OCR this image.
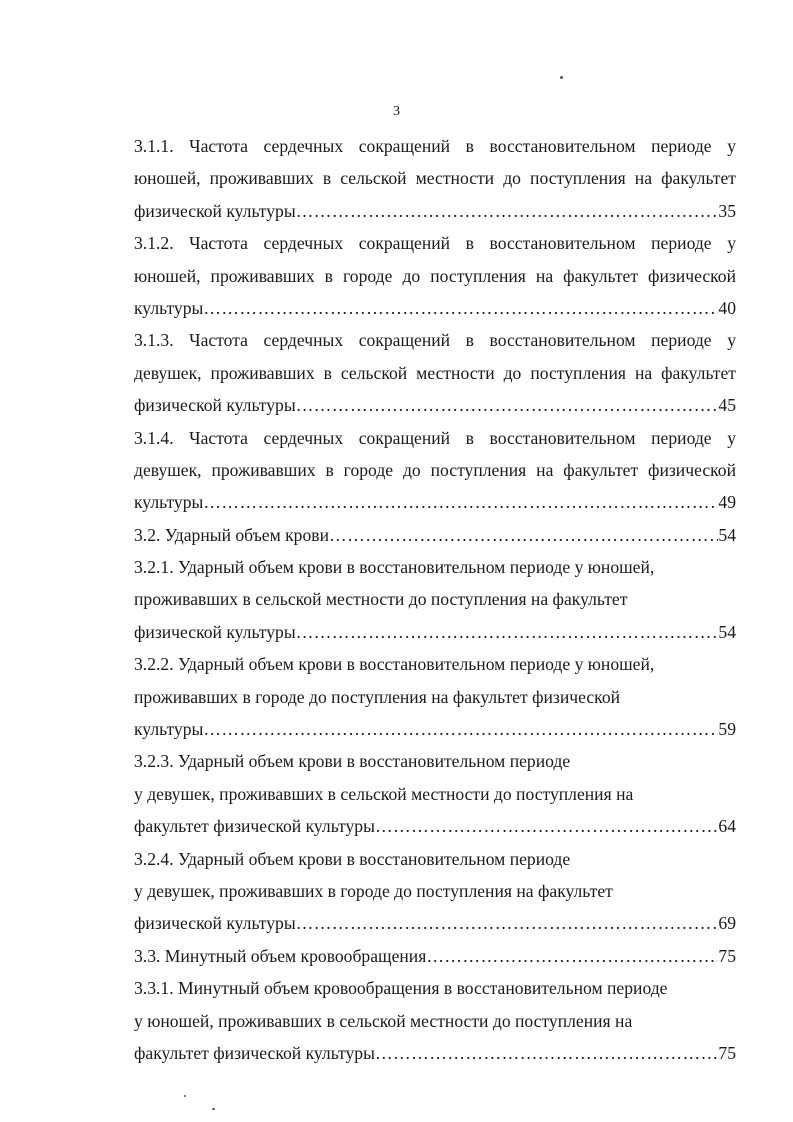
3
3.1.1. Частота сердечных сокращений в восстановительном периоде у
юношей, проживавших в сельской местности до поступления на факультет
физической культуры ……………………………………………………………………………………………………………………………………………………………………	35
3.1.2. Частота сердечных сокращений в восстановительном периоде у
юношей, проживавших в городе до поступления на факультет физической
культуры ……………………………………………………………………………………………………………………………………………………………………	40
3.1.3. Частота сердечных сокращений в восстановительном периоде у
девушек, проживавших в сельской местности до поступления на факультет
физической культуры ……………………………………………………………………………………………………………………………………………………………………	45
3.1.4. Частота сердечных сокращений в восстановительном периоде у
девушек, проживавших в городе до поступления на факультет физической
культуры ……………………………………………………………………………………………………………………………………………………………………	49
3.2. Ударный объем крови ……………………………………………………………………………………………………………………………………………………………………	54
3.2.1. Ударный объем крови в восстановительном периоде у юношей,
проживавших в сельской местности до поступления на факультет
физической культуры ……………………………………………………………………………………………………………………………………………………………………	54
3.2.2. Ударный объем крови в восстановительном периоде у юношей,
проживавших в городе до поступления на факультет физической
культуры ……………………………………………………………………………………………………………………………………………………………………	59
3.2.3. Ударный объем крови в восстановительном периоде
у девушек, проживавших в сельской местности до поступления на
факультет физической культуры ……………………………………………………………………………………………………………………………………………………………………	64
3.2.4. Ударный объем крови в восстановительном периоде
у девушек, проживавших в городе до поступления на факультет
физической культуры ……………………………………………………………………………………………………………………………………………………………………	69
3.3. Минутный объем кровообращения ……………………………………………………………………………………………………………………………………………………………………	75
3.3.1. Минутный объем кровообращения в восстановительном периоде
у юношей, проживавших в сельской местности до поступления на
факультет физической культуры ……………………………………………………………………………………………………………………………………………………………………	75
